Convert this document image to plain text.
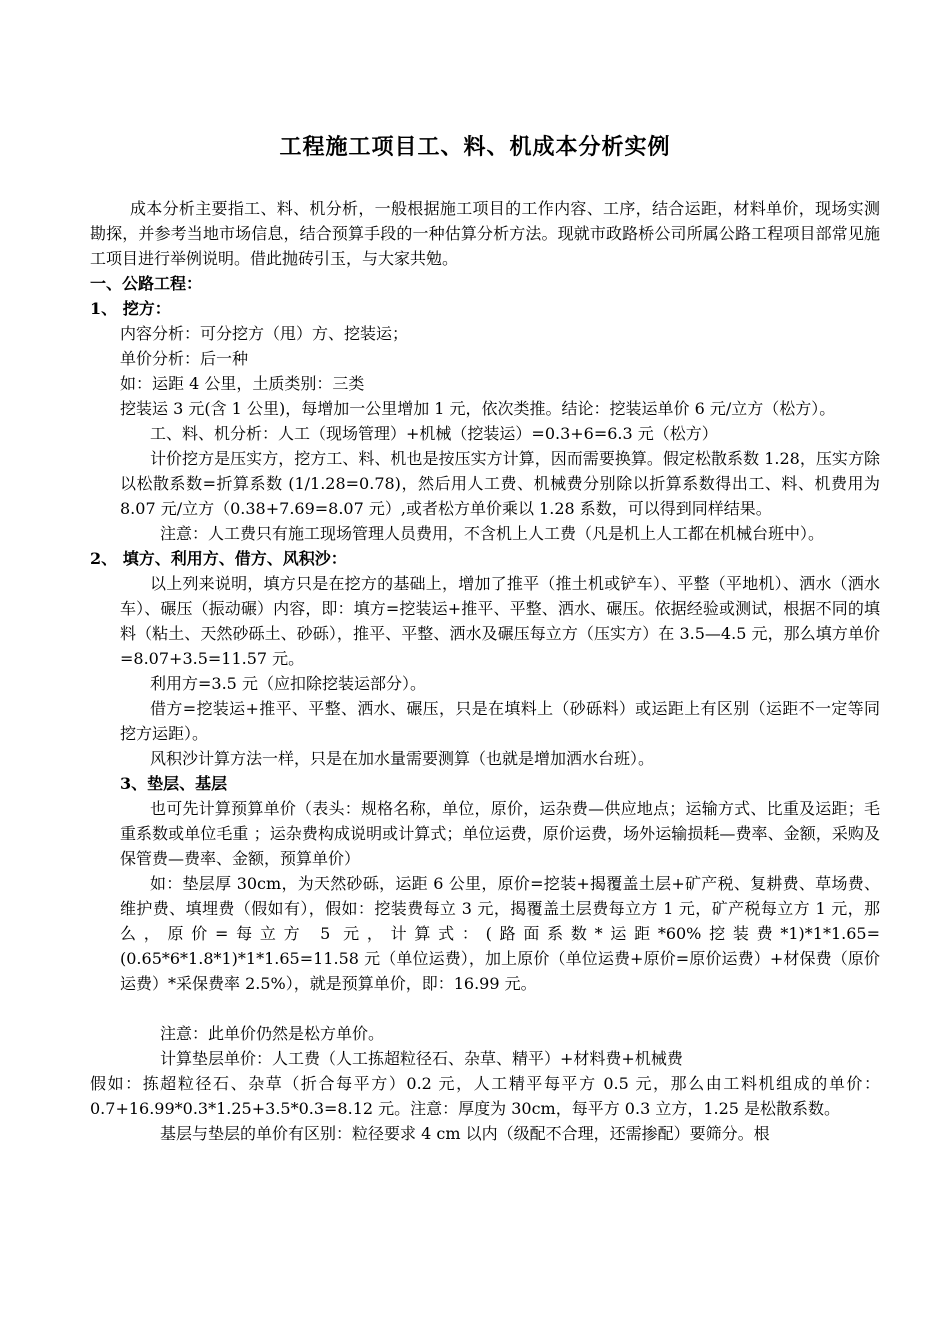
工程施工项目工、料、机成本分析实例

成本分析主要指工、料、机分析，一般根据施工项目的工作内容、工序，结合运距，材料单价，现场实测勘探，并参考当地市场信息，结合预算手段的一种估算分析方法。现就市政路桥公司所属公路工程项目部常见施工项目进行举例说明。借此抛砖引玉，与大家共勉。

一、公路工程：

1、 挖方：

内容分析：可分挖方（甩）方、挖装运；

单价分析：后一种

如：运距 4 公里，土质类别：三类

挖装运 3 元(含 1 公里)，每增加一公里增加 1 元，依次类推。结论：挖装运单价 6 元/立方（松方）。

工、料、机分析：人工（现场管理）+机械（挖装运）=0.3+6=6.3 元（松方）

计价挖方是压实方，挖方工、料、机也是按压实方计算，因而需要换算。假定松散系数 1.28，压实方除以松散系数=折算系数 (1/1.28=0.78)，然后用人工费、机械费分别除以折算系数得出工、料、机费用为 8.07 元/立方（0.38+7.69=8.07 元）,或者松方单价乘以 1.28 系数，可以得到同样结果。

注意：人工费只有施工现场管理人员费用，不含机上人工费（凡是机上人工都在机械台班中）。

2、 填方、利用方、借方、风积沙：

以上列来说明，填方只是在挖方的基础上，增加了推平（推土机或铲车）、平整（平地机）、洒水（洒水车）、碾压（振动碾）内容，即：填方=挖装运+推平、平整、洒水、碾压。依据经验或测试，根据不同的填料（粘土、天然砂砾土、砂砾），推平、平整、洒水及碾压每立方（压实方）在 3.5—4.5 元，那么填方单价=8.07+3.5=11.57 元。

利用方=3.5 元（应扣除挖装运部分）。

借方=挖装运+推平、平整、洒水、碾压，只是在填料上（砂砾料）或运距上有区别（运距不一定等同挖方运距）。

风积沙计算方法一样，只是在加水量需要测算（也就是增加洒水台班）。

3、垫层、基层

也可先计算预算单价（表头：规格名称，单位，原价，运杂费—供应地点；运输方式、比重及运距；毛重系数或单位毛重 ；运杂费构成说明或计算式；单位运费，原价运费，场外运输损耗—费率、金额，采购及保管费—费率、金额，预算单价）

如：垫层厚 30cm，为天然砂砾，运距 6 公里，原价=挖装+揭覆盖土层+矿产税、复耕费、草场费、维护费、填埋费（假如有），假如：挖装费每立 3 元，揭覆盖土层费每立方 1 元，矿产税每立方 1 元，那么，原价=每立方 5 元，计算式：(路面系数*运距*60%挖装费*1)*1*1.65=(0.65*6*1.8*1)*1*1.65=11.58 元（单位运费），加上原价（单位运费+原价=原价运费）+材保费（原价运费）*采保费率 2.5%），就是预算单价，即：16.99 元。

注意：此单价仍然是松方单价。

计算垫层单价：人工费（人工拣超粒径石、杂草、精平）+材料费+机械费

假如：拣超粒径石、杂草（折合每平方）0.2 元，人工精平每平方 0.5 元，那么由工料机组成的单价：0.7+16.99*0.3*1.25+3.5*0.3=8.12 元。注意：厚度为 30cm，每平方 0.3 立方，1.25 是松散系数。

基层与垫层的单价有区别：粒径要求 4 cm 以内（级配不合理，还需掺配）要筛分。根
